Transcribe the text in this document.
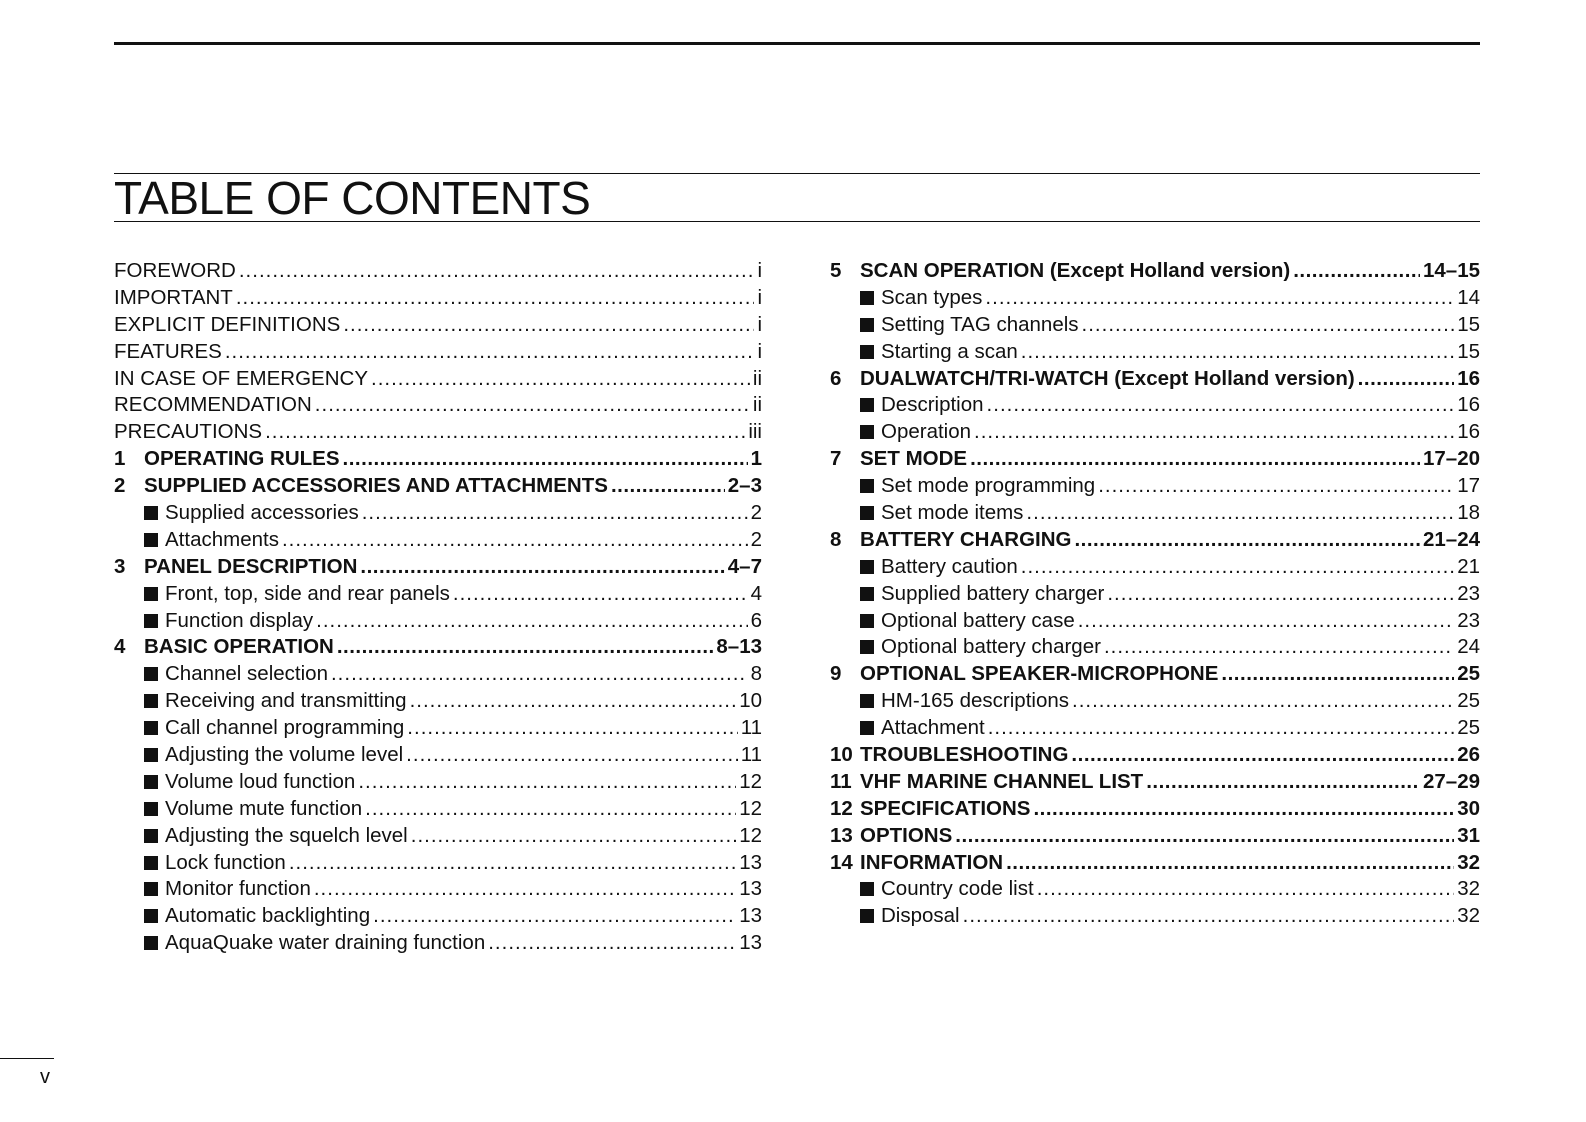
TABLE OF CONTENTS
FOREWORD .....	i
IMPORTANT .....	i
EXPLICIT DEFINITIONS .....	i
FEATURES .....	i
IN CASE OF EMERGENCY .....	ii
RECOMMENDATION .....	ii
PRECAUTIONS .....	iii
1 OPERATING RULES .....	1
2 SUPPLIED ACCESSORIES AND ATTACHMENTS .....	2–3
Supplied accessories .....	2
Attachments .....	2
3 PANEL DESCRIPTION .....	4–7
Front, top, side and rear panels .....	4
Function display .....	6
4 BASIC OPERATION .....	8–13
Channel selection .....	8
Receiving and transmitting .....	10
Call channel programming .....	11
Adjusting the volume level .....	11
Volume loud function .....	12
Volume mute function .....	12
Adjusting the squelch level .....	12
Lock function .....	13
Monitor function .....	13
Automatic backlighting .....	13
AquaQuake water draining function .....	13
5 SCAN OPERATION (Except Holland version) .....	14–15
Scan types .....	14
Setting TAG channels .....	15
Starting a scan .....	15
6 DUALWATCH/TRI-WATCH (Except Holland version) .....	16
Description .....	16
Operation .....	16
7 SET MODE .....	17–20
Set mode programming .....	17
Set mode items .....	18
8 BATTERY CHARGING .....	21–24
Battery caution .....	21
Supplied battery charger .....	23
Optional battery case .....	23
Optional battery charger .....	24
9 OPTIONAL SPEAKER-MICROPHONE .....	25
HM-165 descriptions .....	25
Attachment .....	25
10 TROUBLESHOOTING .....	26
11 VHF MARINE CHANNEL LIST .....	27–29
12 SPECIFICATIONS .....	30
13 OPTIONS .....	31
14 INFORMATION .....	32
Country code list .....	32
Disposal .....	32
v
